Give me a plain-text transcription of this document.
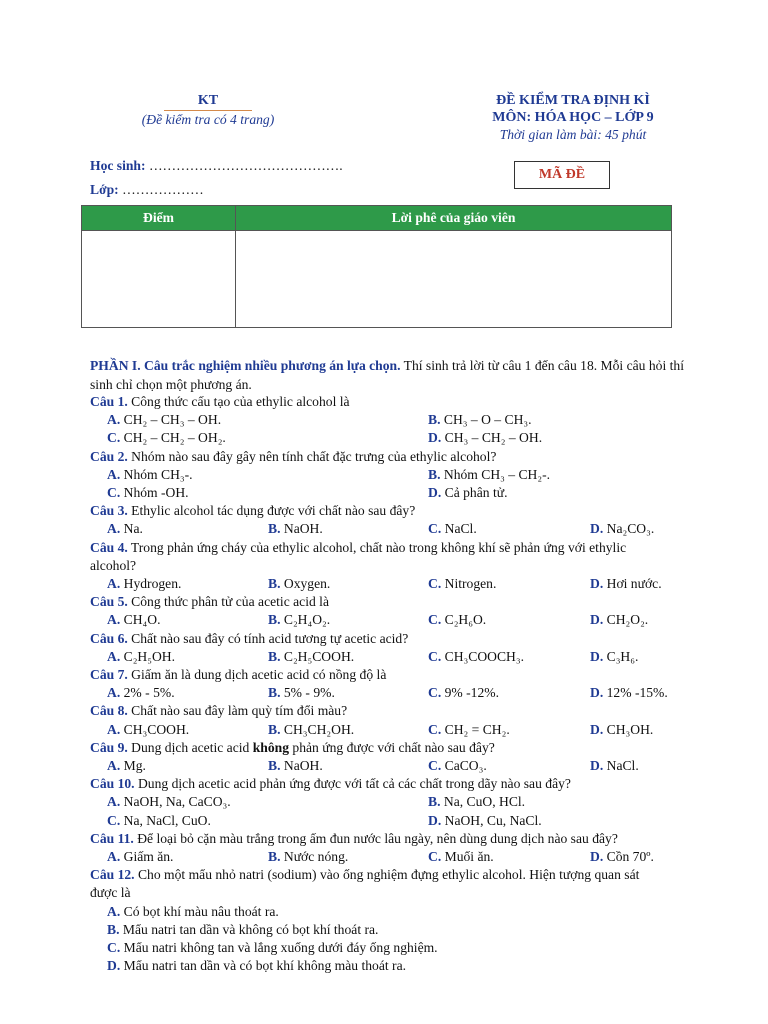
KT
(Đề kiểm tra có 4 trang)
ĐỀ KIỂM TRA ĐỊNH KÌ
MÔN: HÓA HỌC – LỚP 9
Thời gian làm bài: 45 phút
Học sinh: …………………………………….
Lớp: ………………
MÃ ĐỀ
Điểm	Lời phê của giáo viên

PHẦN I. Câu trắc nghiệm nhiều phương án lựa chọn. Thí sinh trả lời từ câu 1 đến câu 18. Mỗi câu hỏi thí sinh chỉ chọn một phương án.
Câu 1. Công thức cấu tạo của ethylic alcohol là
A. CH₂ – CH₃ – OH.	B. CH₃ – O – CH₃.
C. CH₂ – CH₂ – OH₂.	D. CH₃ – CH₂ – OH.
Câu 2. Nhóm nào sau đây gây nên tính chất đặc trưng của ethylic alcohol?
A. Nhóm CH₃-.	B. Nhóm CH₃ – CH₂-.
C. Nhóm -OH.	D. Cả phân tử.
Câu 3. Ethylic alcohol tác dụng được với chất nào sau đây?
A. Na.	B. NaOH.	C. NaCl.	D. Na₂CO₃.
Câu 4. Trong phản ứng cháy của ethylic alcohol, chất nào trong không khí sẽ phản ứng với ethylic
alcohol?
A. Hydrogen.	B. Oxygen.	C. Nitrogen.	D. Hơi nước.
Câu 5. Công thức phân tử của acetic acid là
A. CH₄O.	B. C₂H₄O₂.	C. C₂H₆O.	D. CH₂O₂.
Câu 6. Chất nào sau đây có tính acid tương tự acetic acid?
A. C₂H₅OH.	B. C₂H₅COOH.	C. CH₃COOCH₃.	D. C₃H₆.
Câu 7. Giấm ăn là dung dịch acetic acid có nồng độ là
A. 2% - 5%.	B. 5% - 9%.	C. 9% -12%.	D. 12% -15%.
Câu 8. Chất nào sau đây làm quỳ tím đổi màu?
A. CH₃COOH.	B. CH₃CH₂OH.	C. CH₂ = CH₂.	D. CH₃OH.
Câu 9. Dung dịch acetic acid không phản ứng được với chất nào sau đây?
A. Mg.	B. NaOH.	C. CaCO₃.	D. NaCl.
Câu 10. Dung dịch acetic acid phản ứng được với tất cả các chất trong dãy nào sau đây?
A. NaOH, Na, CaCO₃.	B. Na, CuO, HCl.
C. Na, NaCl, CuO.	D. NaOH, Cu, NaCl.
Câu 11. Để loại bỏ cặn màu trắng trong ấm đun nước lâu ngày, nên dùng dung dịch nào sau đây?
A. Giấm ăn.	B. Nước nóng.	C. Muối ăn.	D. Cồn 70º.
Câu 12. Cho một mẩu nhỏ natri (sodium) vào ống nghiệm đựng ethylic alcohol. Hiện tượng quan sát
được là
A. Có bọt khí màu nâu thoát ra.
B. Mẩu natri tan dần và không có bọt khí thoát ra.
C. Mẩu natri không tan và lắng xuống dưới đáy ống nghiệm.
D. Mẩu natri tan dần và có bọt khí không màu thoát ra.
